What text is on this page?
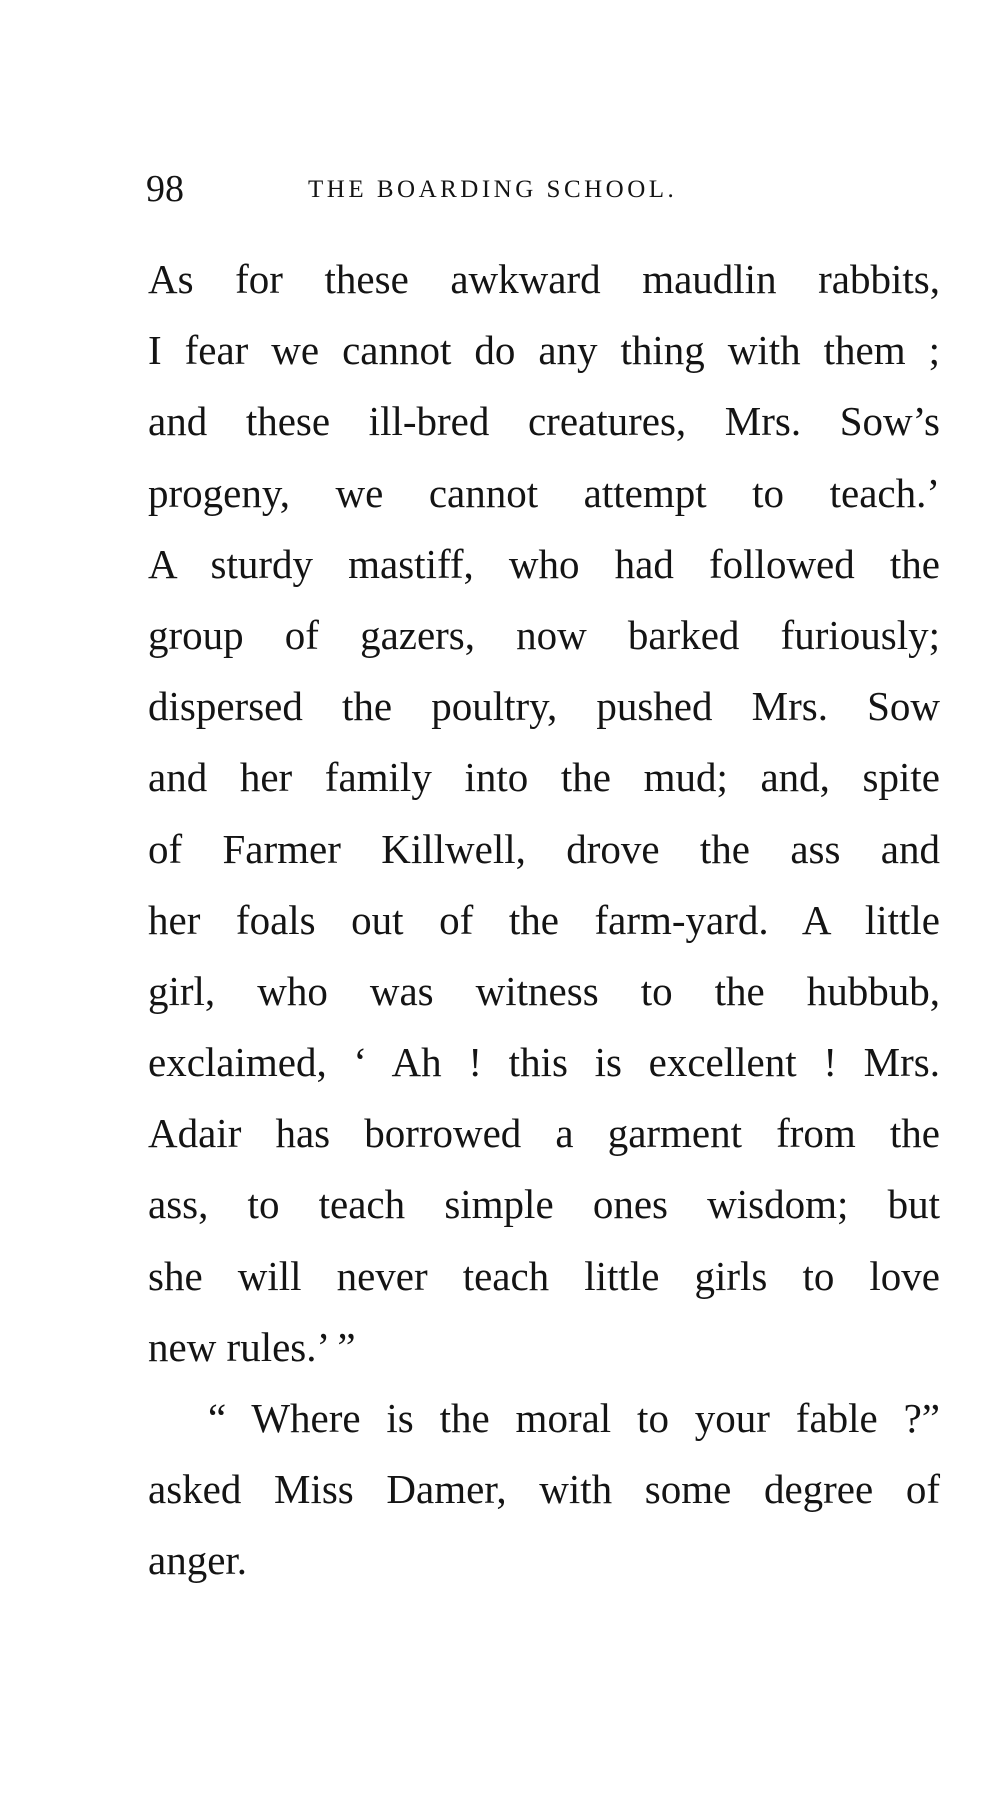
98	THE BOARDING SCHOOL.
As for these awkward maudlin rabbits,
I fear we cannot do any thing with them ;
and these ill-bred creatures, Mrs. Sow’s
progeny, we cannot attempt to teach.’
A sturdy mastiff, who had followed the
group of gazers, now barked furiously;
dispersed the poultry, pushed Mrs. Sow
and her family into the mud; and, spite
of Farmer Killwell, drove the ass and
her foals out of the farm-yard. A little
girl, who was witness to the hubbub,
exclaimed, ‘ Ah ! this is excellent ! Mrs.
Adair has borrowed a garment from the
ass, to teach simple ones wisdom; but
she will never teach little girls to love
new rules.’ ”
“ Where is the moral to your fable ?”
asked Miss Damer, with some degree of
anger.
